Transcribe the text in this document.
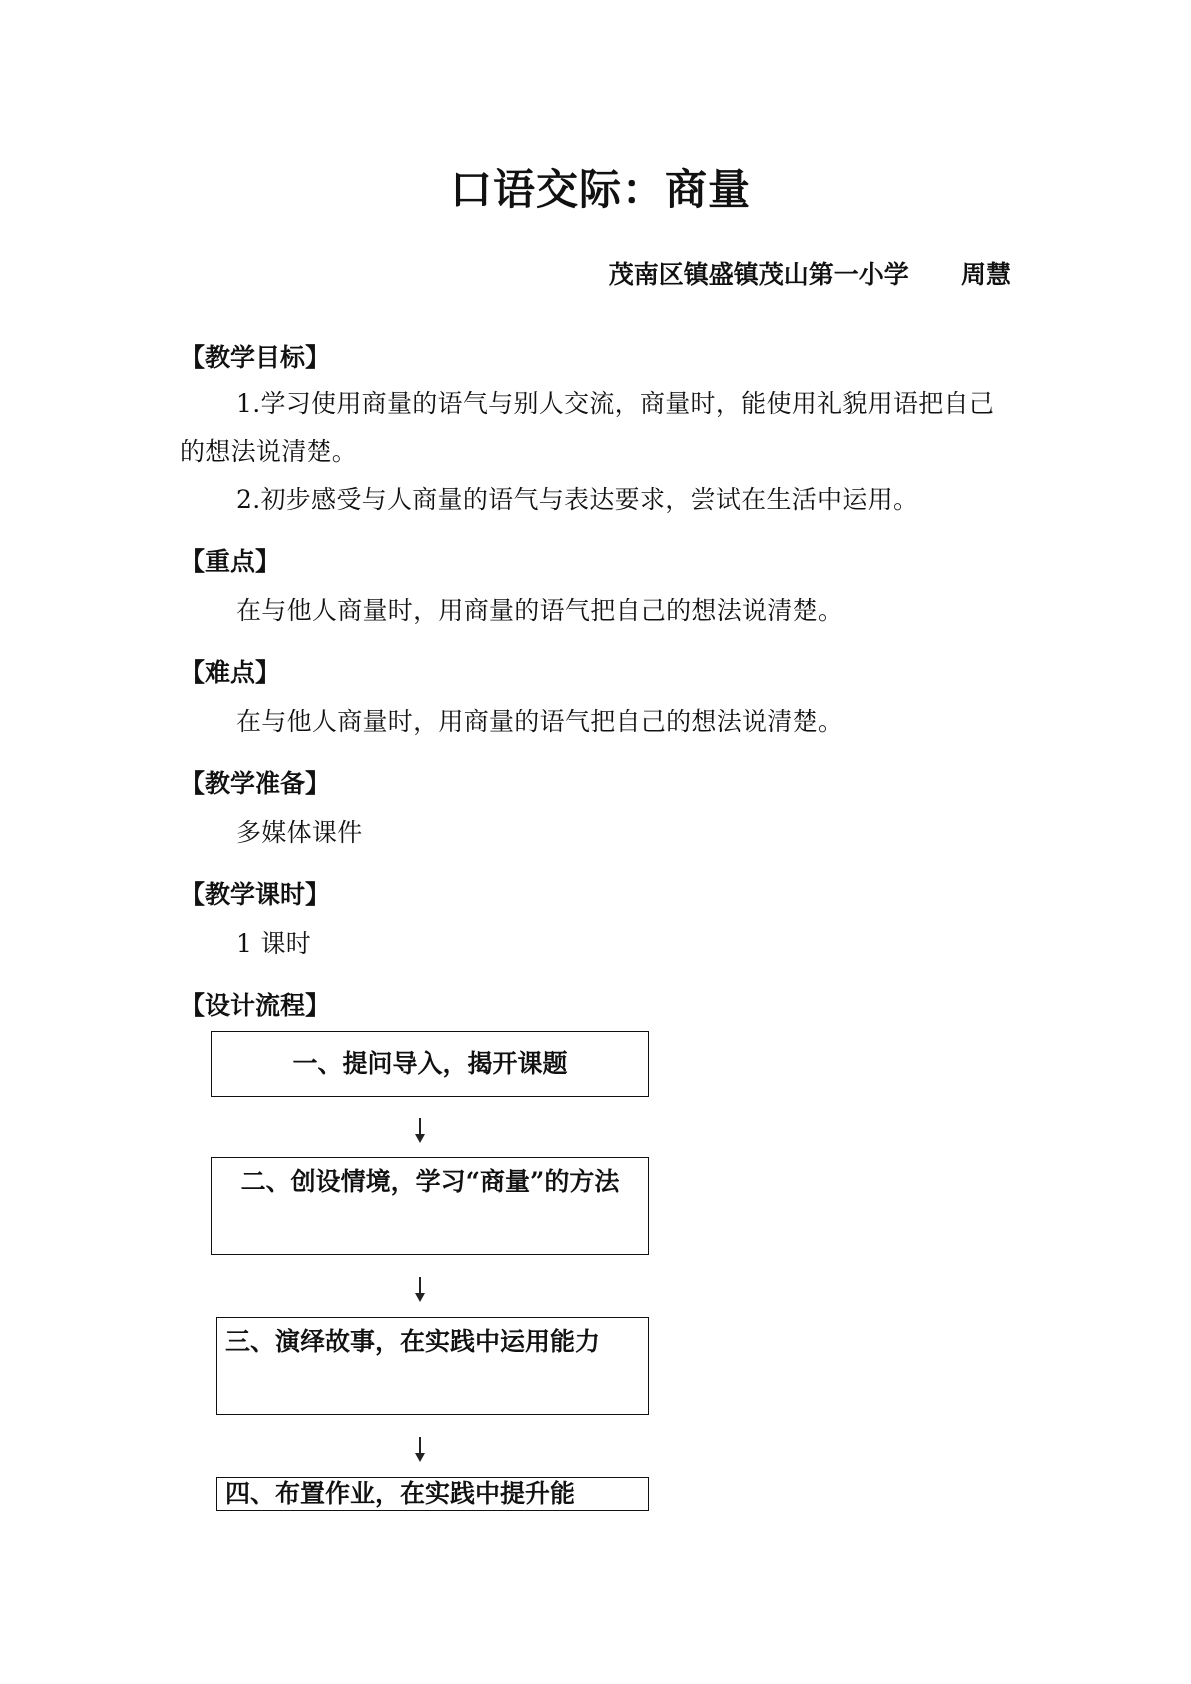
口语交际：商量
茂南区镇盛镇茂山第一小学      周慧
【教学目标】
1.学习使用商量的语气与别人交流，商量时，能使用礼貌用语把自己的想法说清楚。
2.初步感受与人商量的语气与表达要求，尝试在生活中运用。
【重点】
在与他人商量时，用商量的语气把自己的想法说清楚。
【难点】
在与他人商量时，用商量的语气把自己的想法说清楚。
【教学准备】
多媒体课件
【教学课时】
1 课时
【设计流程】
一、提问导入，揭开课题
二、创设情境，学习“商量”的方法
三、演绎故事，在实践中运用能力
四、布置作业，在实践中提升能
